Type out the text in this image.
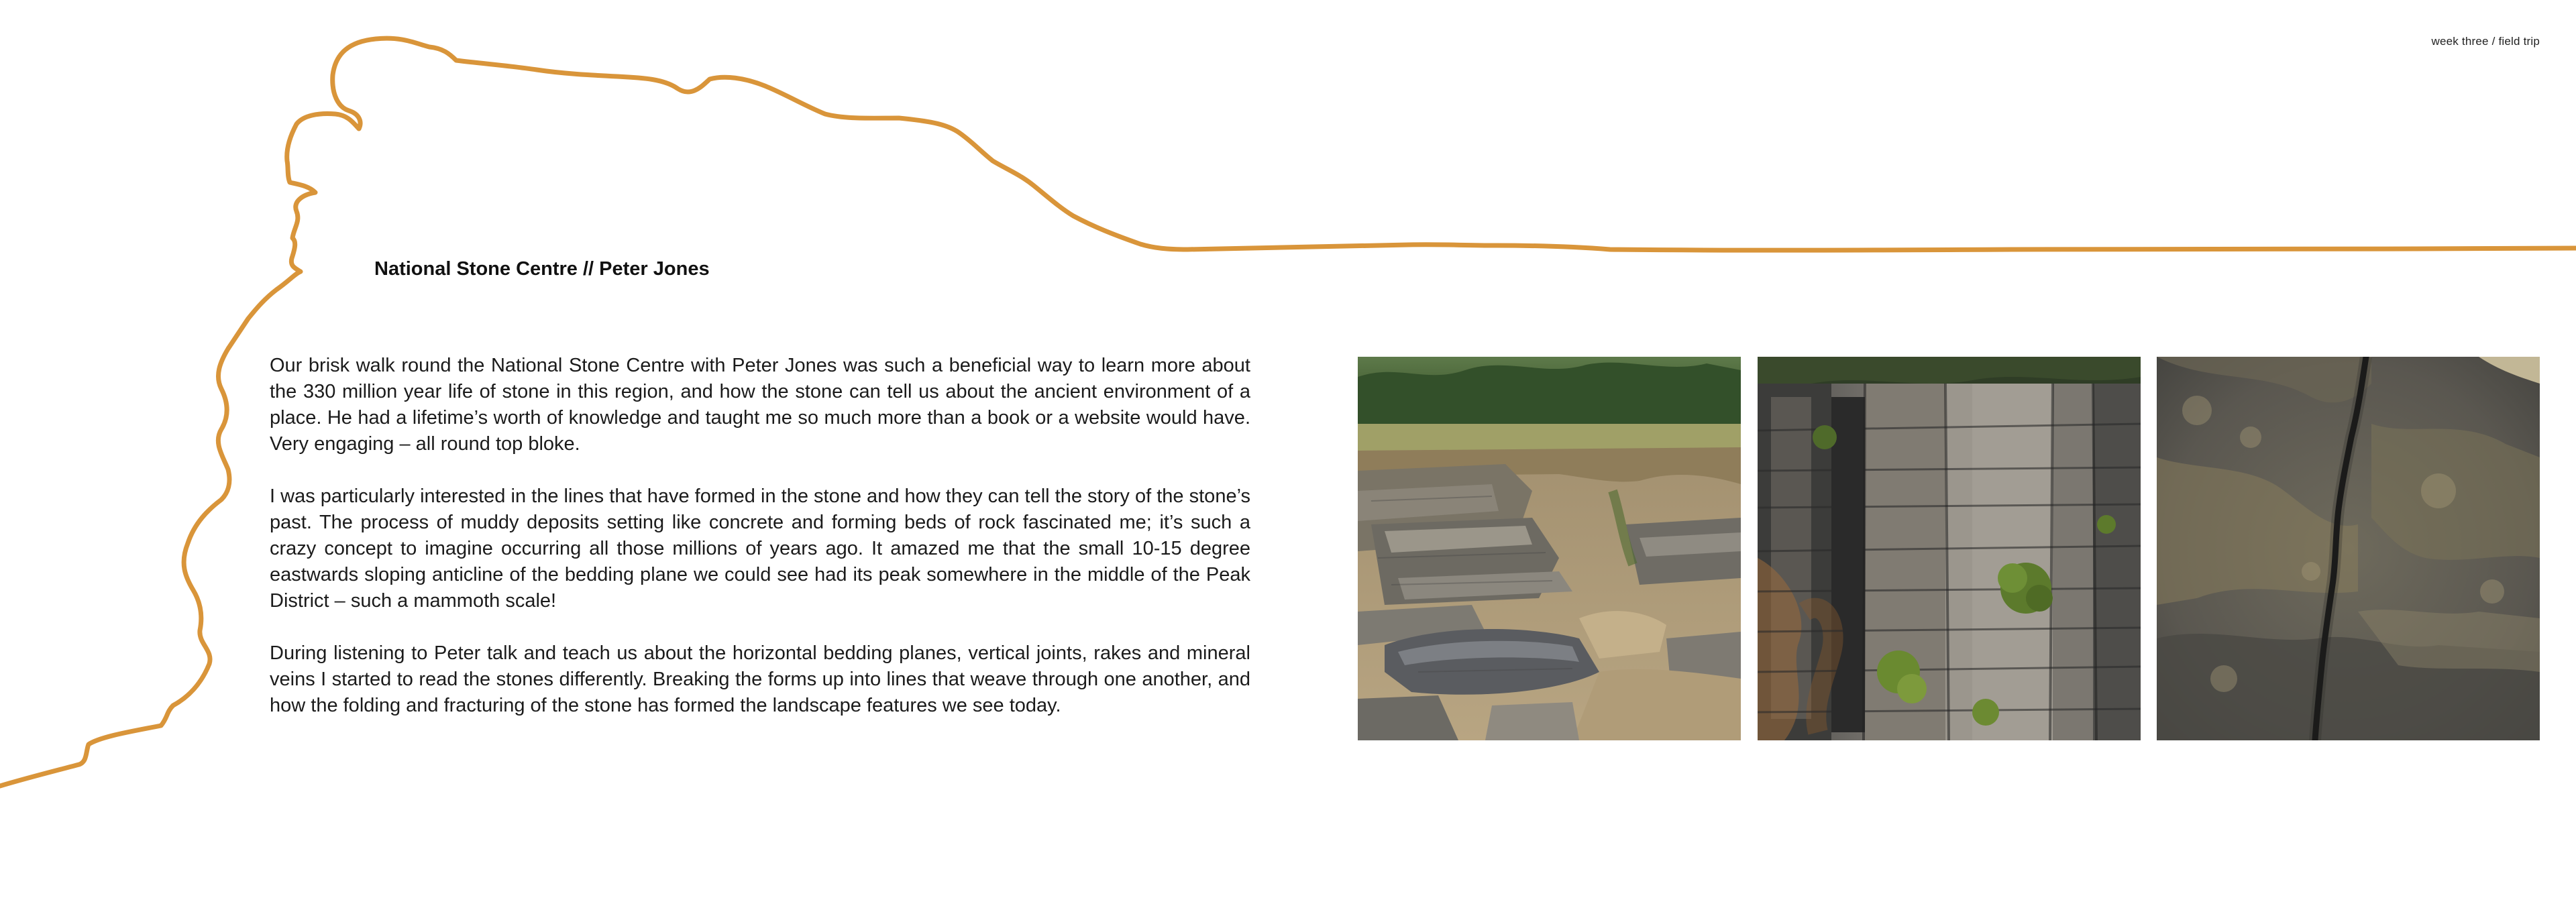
week three / field trip
National Stone Centre // Peter Jones

Our brisk walk round the National Stone Centre with Peter Jones was such a beneficial way to learn more about the 330 million year life of stone in this region, and how the stone can tell us about the ancient environment of a place. He had a lifetime’s worth of knowledge and taught me so much more than a book or a website would have. Very engaging – all round top bloke.

I was particularly interested in the lines that have formed in the stone and how they can tell the story of the stone’s past. The process of muddy deposits setting like concrete and forming beds of rock fascinated me; it’s such a crazy concept to imagine occurring all those millions of years ago. It amazed me that the small 10-15 degree eastwards sloping anticline of the bedding plane we could see had its peak somewhere in the middle of the Peak District – such a mammoth scale!

During listening to Peter talk and teach us about the horizontal bedding planes, vertical joints, rakes and mineral veins I started to read the stones differently. Breaking the forms up into lines that weave through one another, and how the folding and fracturing of the stone has formed the landscape features we see today.
